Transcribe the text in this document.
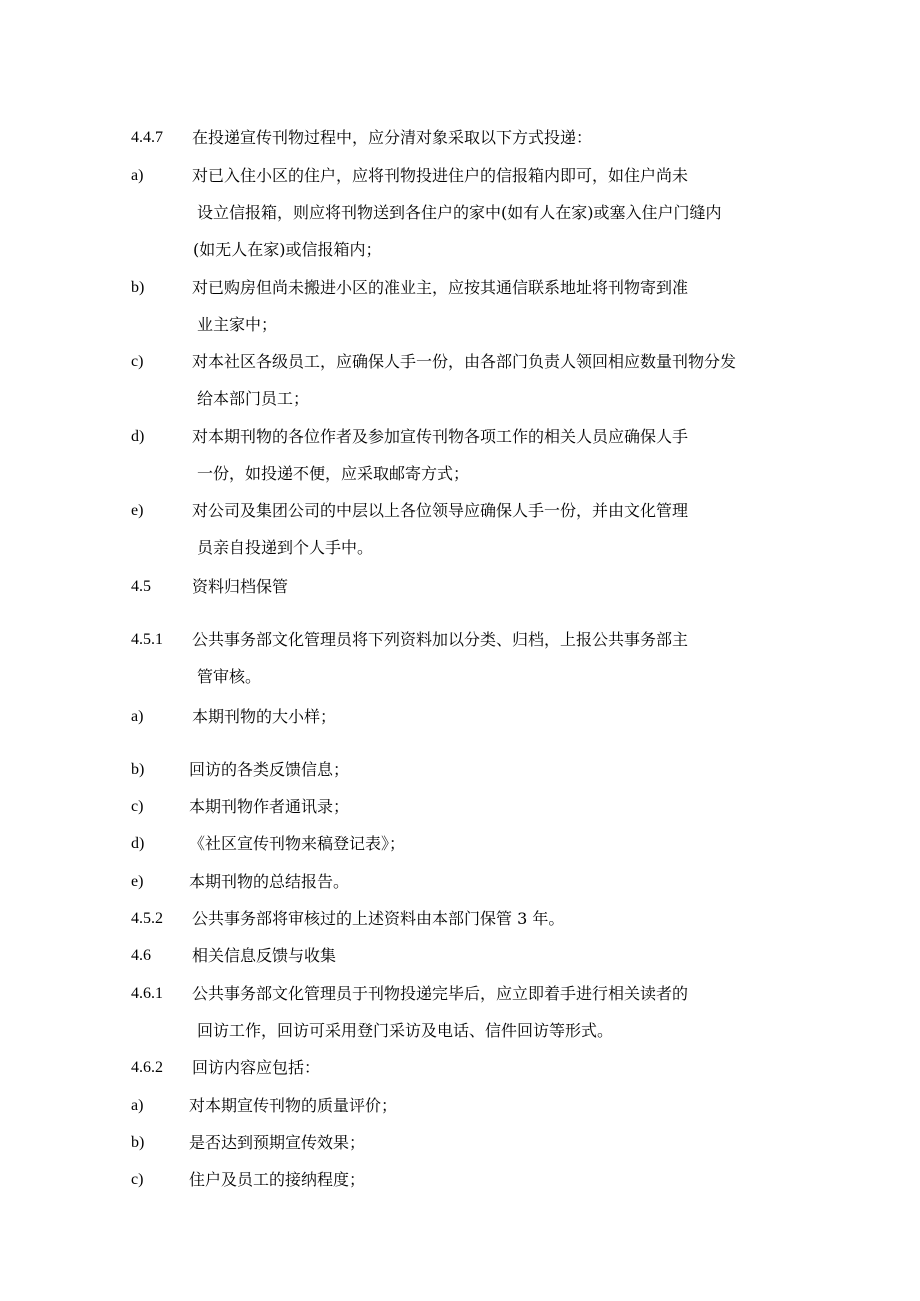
4.4.7 在投递宣传刊物过程中，应分清对象采取以下方式投递：
a)	对已入住小区的住户，应将刊物投进住户的信报箱内即可，如住户尚未
设立信报箱，则应将刊物送到各住户的家中(如有人在家)或塞入住户门缝内
(如无人在家)或信报箱内；
b)	对已购房但尚未搬进小区的准业主，应按其通信联系地址将刊物寄到准
业主家中；
c)	对本社区各级员工，应确保人手一份，由各部门负责人领回相应数量刊物分发
给本部门员工；
d)	对本期刊物的各位作者及参加宣传刊物各项工作的相关人员应确保人手
一份，如投递不便，应采取邮寄方式；
e)	对公司及集团公司的中层以上各位领导应确保人手一份，并由文化管理
员亲自投递到个人手中。
4.5	资料归档保管
4.5.1 公共事务部文化管理员将下列资料加以分类、归档，上报公共事务部主
管审核。
a)	本期刊物的大小样；
b)	回访的各类反馈信息；
c)	本期刊物作者通讯录；
d)	《社区宣传刊物来稿登记表》；
e)	本期刊物的总结报告。
4.5.2 公共事务部将审核过的上述资料由本部门保管 3 年。
4.6	相关信息反馈与收集
4.6.1 公共事务部文化管理员于刊物投递完毕后，应立即着手进行相关读者的
回访工作，回访可采用登门采访及电话、信件回访等形式。
4.6.2 回访内容应包括：
a)	对本期宣传刊物的质量评价；
b)	是否达到预期宣传效果；
c)	住户及员工的接纳程度；
